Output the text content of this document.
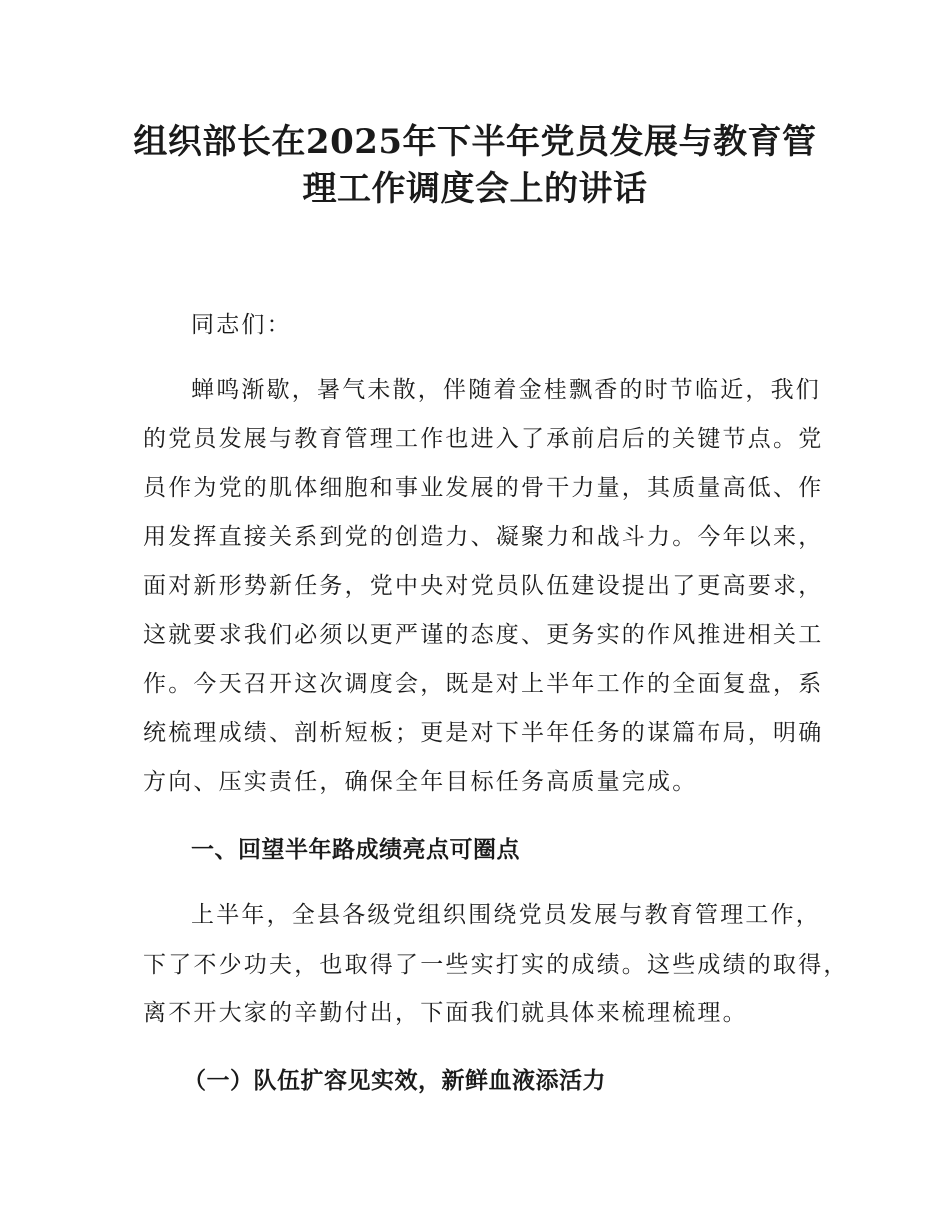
组织部长在2025年下半年党员发展与教育管
理工作调度会上的讲话

同志们：

蝉鸣渐歇，暑气未散，伴随着金桂飘香的时节临近，我们

的党员发展与教育管理工作也进入了承前启后的关键节点。党

员作为党的肌体细胞和事业发展的骨干力量，其质量高低、作

用发挥直接关系到党的创造力、凝聚力和战斗力。今年以来，

面对新形势新任务，党中央对党员队伍建设提出了更高要求，

这就要求我们必须以更严谨的态度、更务实的作风推进相关工

作。今天召开这次调度会，既是对上半年工作的全面复盘，系

统梳理成绩、剖析短板；更是对下半年任务的谋篇布局，明确

方向、压实责任，确保全年目标任务高质量完成。

一、回望半年路成绩亮点可圈点

上半年，全县各级党组织围绕党员发展与教育管理工作，

下了不少功夫，也取得了一些实打实的成绩。这些成绩的取得，

离不开大家的辛勤付出，下面我们就具体来梳理梳理。

（一）队伍扩容见实效，新鲜血液添活力
